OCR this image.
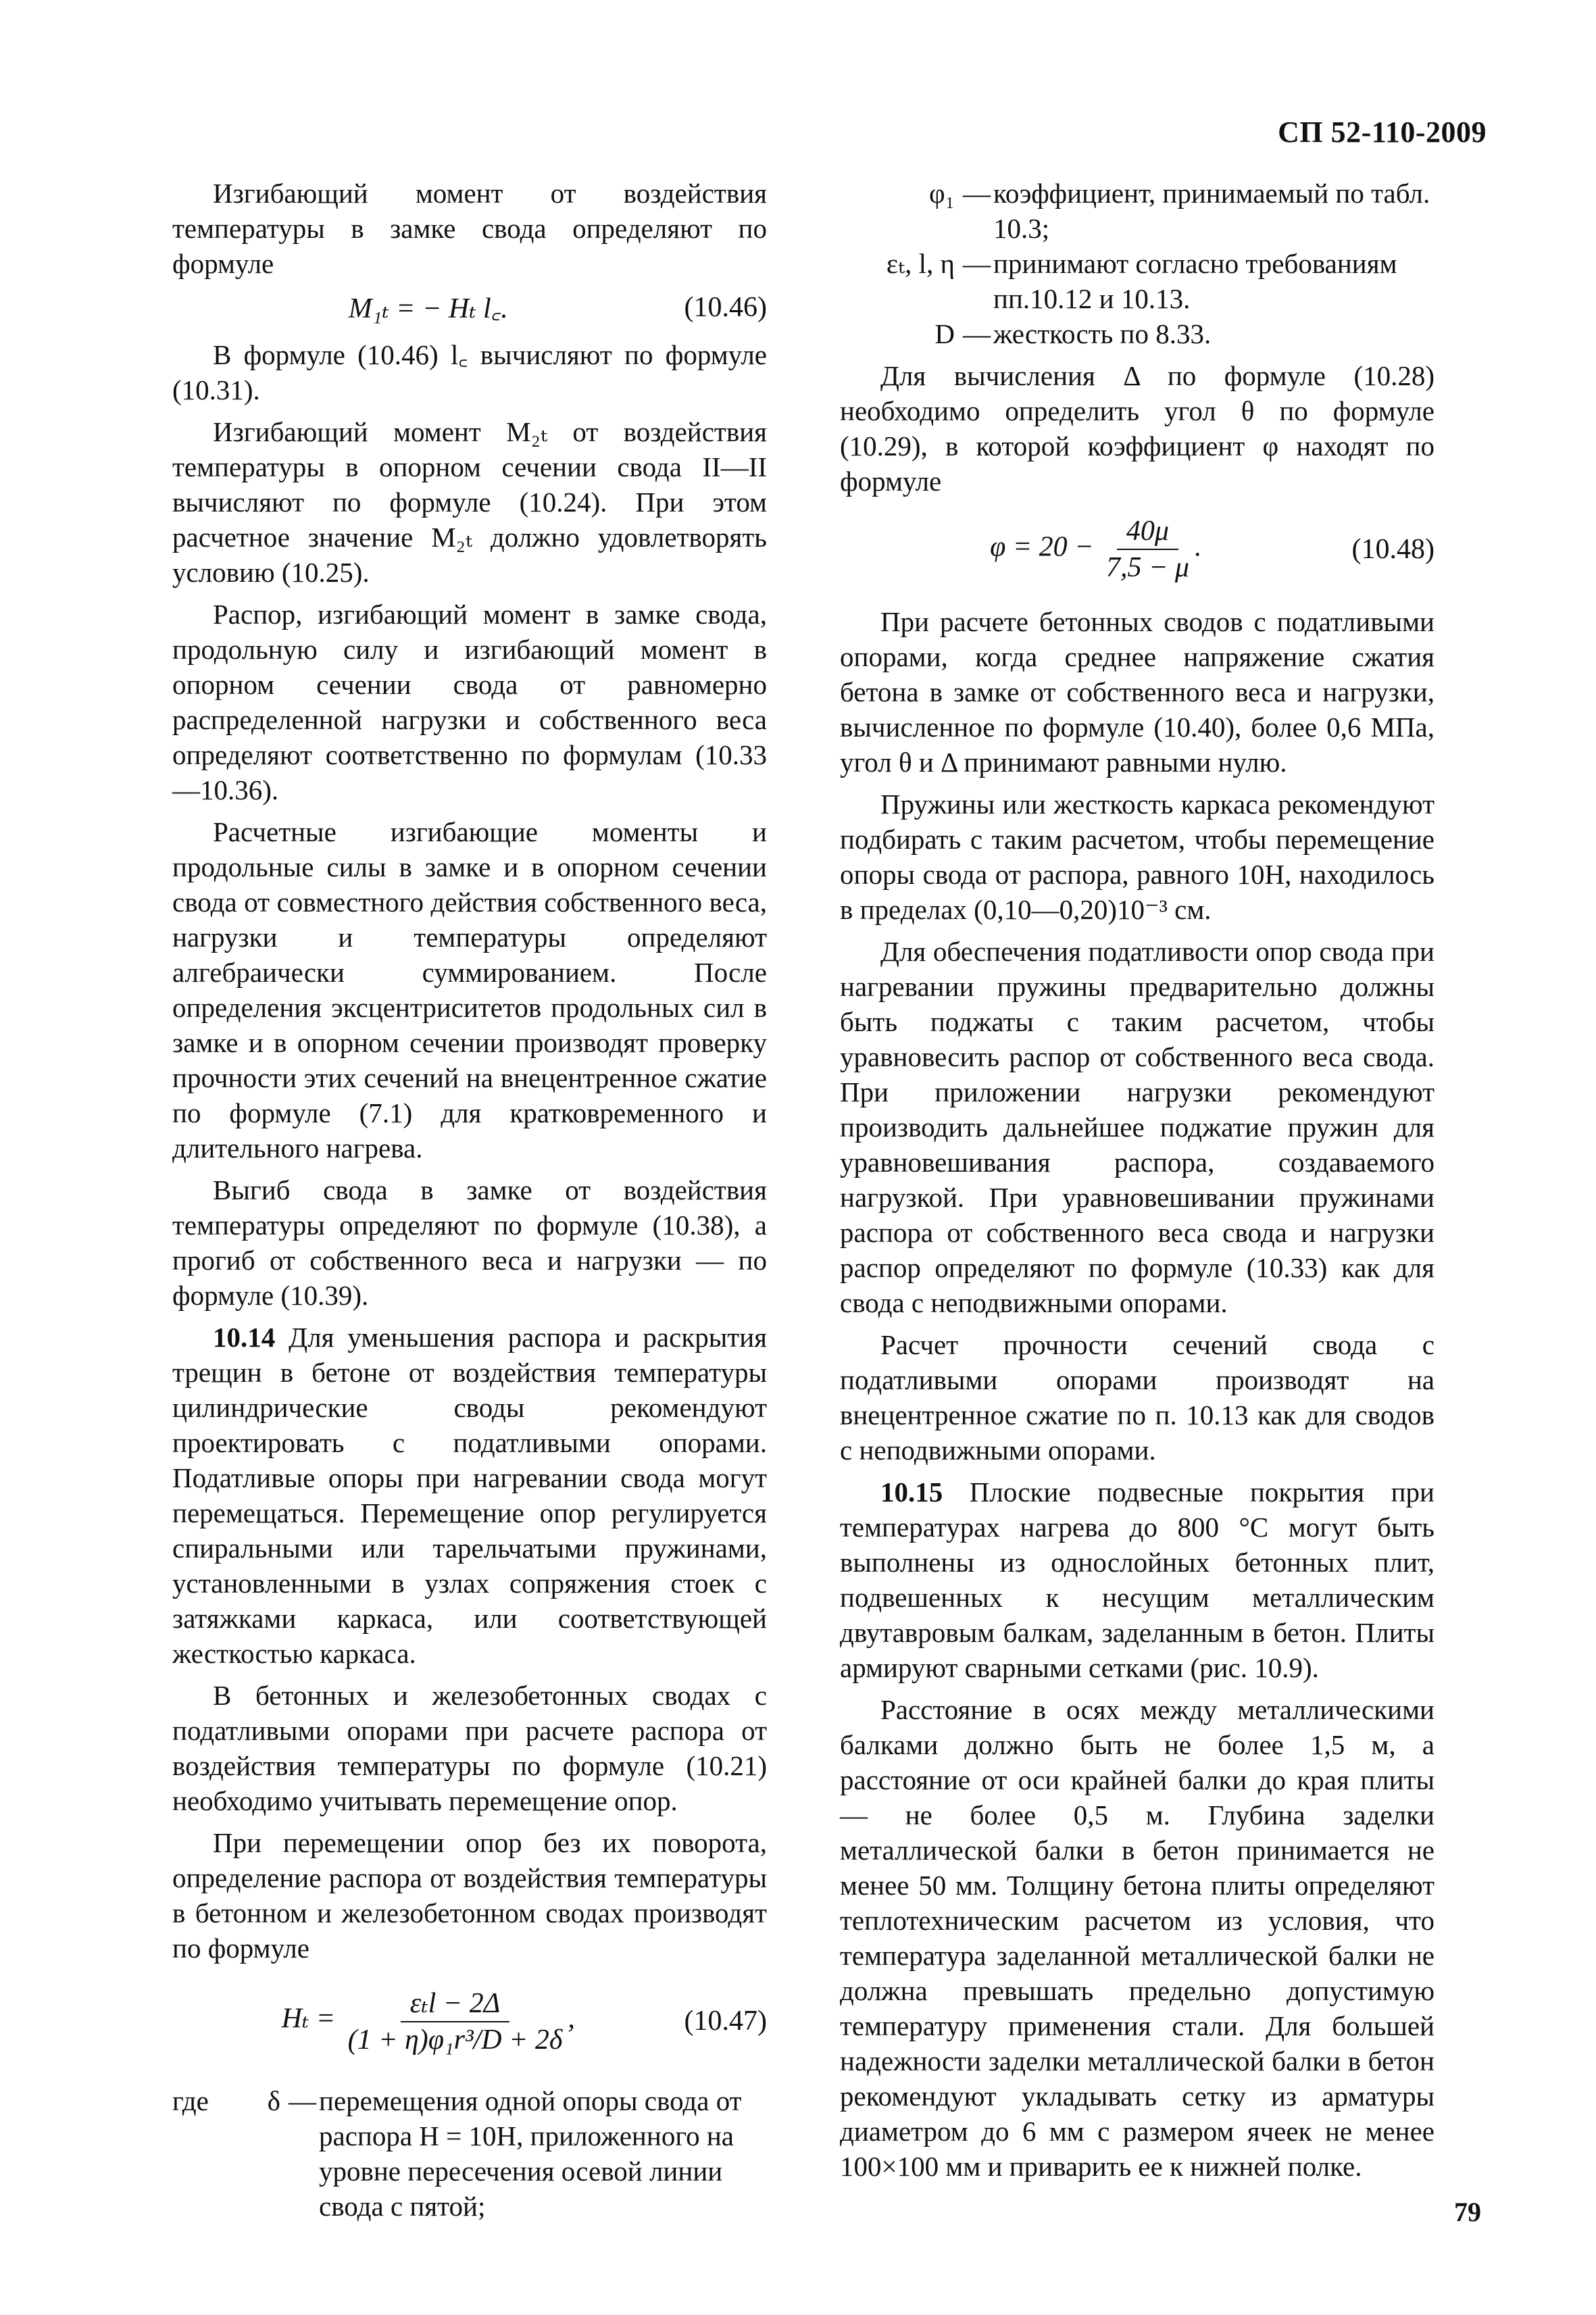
СП 52-110-2009

Изгибающий момент от воздействия температуры в замке свода определяют по формуле

M₁ₜ = − Hₜ l꜀.	(10.46)

В формуле (10.46) l꜀ вычисляют по формуле (10.31).

Изгибающий момент M₂ₜ от воздействия температуры в опорном сечении свода II—II вычисляют по формуле (10.24). При этом расчетное значение M₂ₜ должно удовлетворять условию (10.25).

Распор, изгибающий момент в замке свода, продольную силу и изгибающий момент в опорном сечении свода от равномерно распределенной нагрузки и собственного веса определяют соответственно по формулам (10.33—10.36).

Расчетные изгибающие моменты и продольные силы в замке и в опорном сечении свода от совместного действия собственного веса, нагрузки и температуры определяют алгебраически суммированием. После определения эксцентриситетов продольных сил в замке и в опорном сечении производят проверку прочности этих сечений на внецентренное сжатие по формуле (7.1) для кратковременного и длительного нагрева.

Выгиб свода в замке от воздействия температуры определяют по формуле (10.38), а прогиб от собственного веса и нагрузки — по формуле (10.39).

10.14 Для уменьшения распора и раскрытия трещин в бетоне от воздействия температуры цилиндрические своды рекомендуют проектировать с податливыми опорами. Податливые опоры при нагревании свода могут перемещаться. Перемещение опор регулируется спиральными или тарельчатыми пружинами, установленными в узлах сопряжения стоек с затяжками каркаса, или соответствующей жесткостью каркаса.

В бетонных и железобетонных сводах с податливыми опорами при расчете распора от воздействия температуры по формуле (10.21) необходимо учитывать перемещение опор.

При перемещении опор без их поворота, определение распора от воздействия температуры в бетонном и железобетонном сводах производят по формуле

$H_t = \frac{\text{εₜl − 2Δ}}{\text{(1 + η)φ₁r³/D + 2δ}}$ ,	(10.47)
где	δ	—	перемещения одной опоры свода от распора H = 10H, приложенного на уровне пересечения осевой линии свода с пятой;
φ₁	—	коэффициент, принимаемый по табл. 10.3;
εₜ, l, η	—	принимают согласно требованиям пп.10.12 и 10.13.
D	—	жесткость по 8.33.

Для вычисления Δ по формуле (10.28) необходимо определить угол θ по формуле (10.29), в которой коэффициент φ находят по формуле

$\varphi = 20 - \frac{40\mu}{7,5 - \mu}$ .	(10.48)

При расчете бетонных сводов с податливыми опорами, когда среднее напряжение сжатия бетона в замке от собственного веса и нагрузки, вычисленное по формуле (10.40), более 0,6 МПа, угол θ и Δ принимают равными нулю.

Пружины или жесткость каркаса рекомендуют подбирать с таким расчетом, чтобы перемещение опоры свода от распора, равного 10H, находилось в пределах (0,10—0,20)10⁻³ см.

Для обеспечения податливости опор свода при нагревании пружины предварительно должны быть поджаты с таким расчетом, чтобы уравновесить распор от собственного веса свода. При приложении нагрузки рекомендуют производить дальнейшее поджатие пружин для уравновешивания распора, создаваемого нагрузкой. При уравновешивании пружинами распора от собственного веса свода и нагрузки распор определяют по формуле (10.33) как для свода с неподвижными опорами.

Расчет прочности сечений свода с податливыми опорами производят на внецентренное сжатие по п. 10.13 как для сводов с неподвижными опорами.

10.15 Плоские подвесные покрытия при температурах нагрева до 800 °С могут быть выполнены из однослойных бетонных плит, подвешенных к несущим металлическим двутавровым балкам, заделанным в бетон. Плиты армируют сварными сетками (рис. 10.9).

Расстояние в осях между металлическими балками должно быть не более 1,5 м, а расстояние от оси крайней балки до края плиты — не более 0,5 м. Глубина заделки металлической балки в бетон принимается не менее 50 мм. Толщину бетона плиты определяют теплотехническим расчетом из условия, что температура заделанной металлической балки не должна превышать предельно допустимую температуру применения стали. Для большей надежности заделки металлической балки в бетон рекомендуют укладывать сетку из арматуры диаметром до 6 мм с размером ячеек не менее 100×100 мм и приварить ее к нижней полке.

79
